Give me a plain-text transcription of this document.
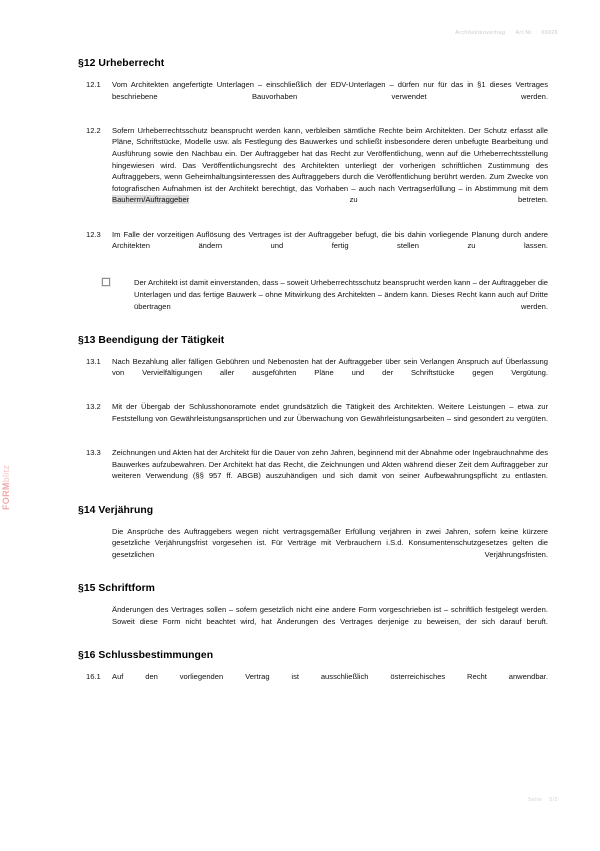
Architektenvertrag Art.Nr. 06026
FORMblitz
§12 Urheberrecht
12.1	Vom Architekten angefertigte Unterlagen – einschließlich der EDV-Unterlagen – dürfen nur für das in §1 dieses Vertrages beschriebene Bauvorhaben verwendet werden.
12.2	Sofern Urheberrechtsschutz beansprucht werden kann, verbleiben sämtliche Rechte beim Architekten. Der Schutz erfasst alle Pläne, Schriftstücke, Modelle usw. als Festlegung des Bauwerkes und schließt insbesondere deren unbefugte Bearbeitung und Ausführung sowie den Nachbau ein. Der Auftraggeber hat das Recht zur Veröffentlichung, wenn auf die Urheberrechtsstellung hingewiesen wird. Das Veröffentlichungsrecht des Architekten unterliegt der vorherigen schriftlichen Zustimmung des Auftraggebers, wenn Geheimhaltungsinteressen des Auftraggebers durch die Veröffentlichung berührt werden. Zum Zwecke von fotografischen Aufnahmen ist der Architekt berechtigt, das Vorhaben – auch nach Vertragserfüllung – in Abstimmung mit dem Bauherrn/Auftraggeber zu betreten.
12.3	Im Falle der vorzeitigen Auflösung des Vertrages ist der Auftraggeber befugt, die bis dahin vorliegende Planung durch andere Architekten ändern und fertig stellen zu lassen.
Der Architekt ist damit einverstanden, dass – soweit Urheberrechtsschutz beansprucht werden kann – der Auftraggeber die Unterlagen und das fertige Bauwerk – ohne Mitwirkung des Architekten – ändern kann. Dieses Recht kann auch auf Dritte übertragen werden.
§13 Beendigung der Tätigkeit
13.1	Nach Bezahlung aller fälligen Gebühren und Nebenosten hat der Auftraggeber über sein Verlangen Anspruch auf Überlassung von Vervielfältigungen aller ausgeführten Pläne und der Schriftstücke gegen Vergütung.
13.2	Mit der Übergab der Schlusshonoramote endet grundsätzlich die Tätigkeit des Architekten. Weitere Leistungen – etwa zur Feststellung von Gewährleistungsansprüchen und zur Überwachung von Gewährleistungsarbeiten – sind gesondert zu vergüten.
13.3	Zeichnungen und Akten hat der Architekt für die Dauer von zehn Jahren, beginnend mit der Abnahme oder Ingebrauchnahme des Bauwerkes aufzubewahren. Der Architekt hat das Recht, die Zeichnungen und Akten während dieser Zeit dem Auftraggeber zur weiteren Verwendung (§§ 957 ff. ABGB) auszuhändigen und sich damit von seiner Aufbewahrungspflicht zu entlasten.
§14 Verjährung
Die Ansprüche des Auftraggebers wegen nicht vertragsgemäßer Erfüllung verjähren in zwei Jahren, sofern keine kürzere gesetzliche Verjährungsfrist vorgesehen ist. Für Verträge mit Verbrauchern i.S.d. Konsumentenschutzgesetzes gelten die gesetzlichen Verjährungsfristen.
§15 Schriftform
Änderungen des Vertrages sollen – sofern gesetzlich nicht eine andere Form vorgeschrieben ist – schriftlich festgelegt werden. Soweit diese Form nicht beachtet wird, hat Änderungen des Vertrages derjenige zu beweisen, der sich darauf beruft.
§16 Schlussbestimmungen
16.1	Auf den vorliegenden Vertrag ist ausschließlich österreichisches Recht anwendbar.
Seite 5/5
